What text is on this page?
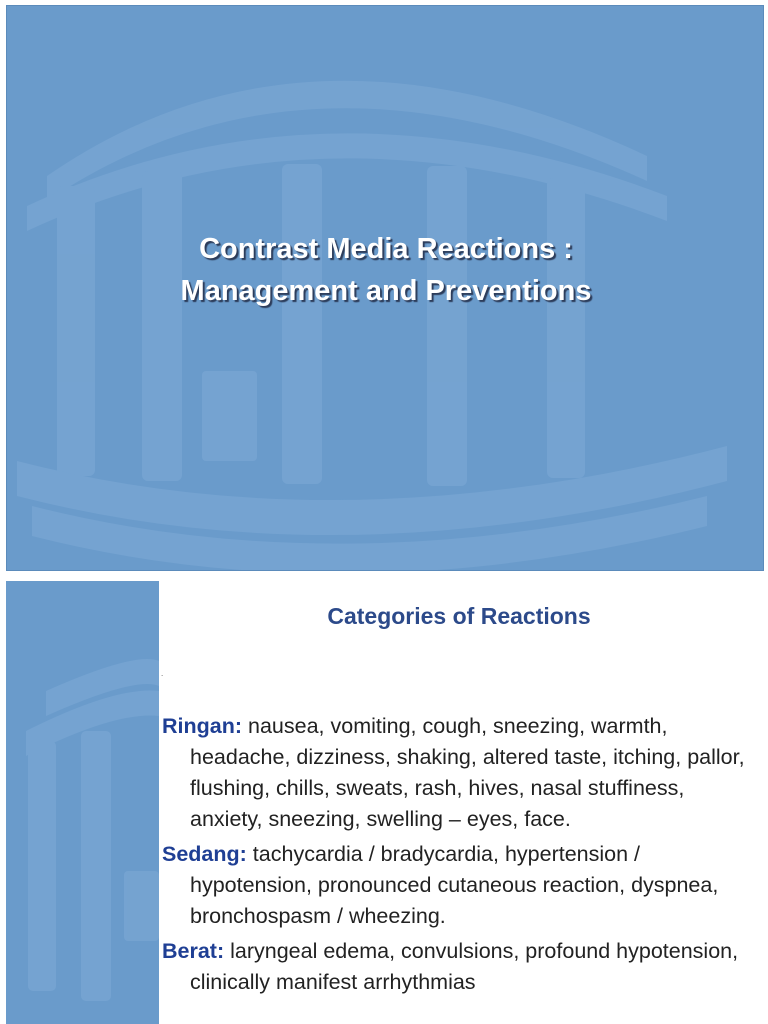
Contrast Media Reactions :
Management and Preventions
Categories of Reactions
.
Ringan: nausea, vomiting, cough, sneezing, warmth, headache, dizziness, shaking, altered taste, itching, pallor, flushing, chills, sweats, rash, hives, nasal stuffiness, anxiety, sneezing, swelling – eyes, face.
Sedang: tachycardia / bradycardia, hypertension / hypotension, pronounced cutaneous reaction, dyspnea, bronchospasm / wheezing.
Berat: laryngeal edema, convulsions, profound hypotension, clinically manifest arrhythmias
